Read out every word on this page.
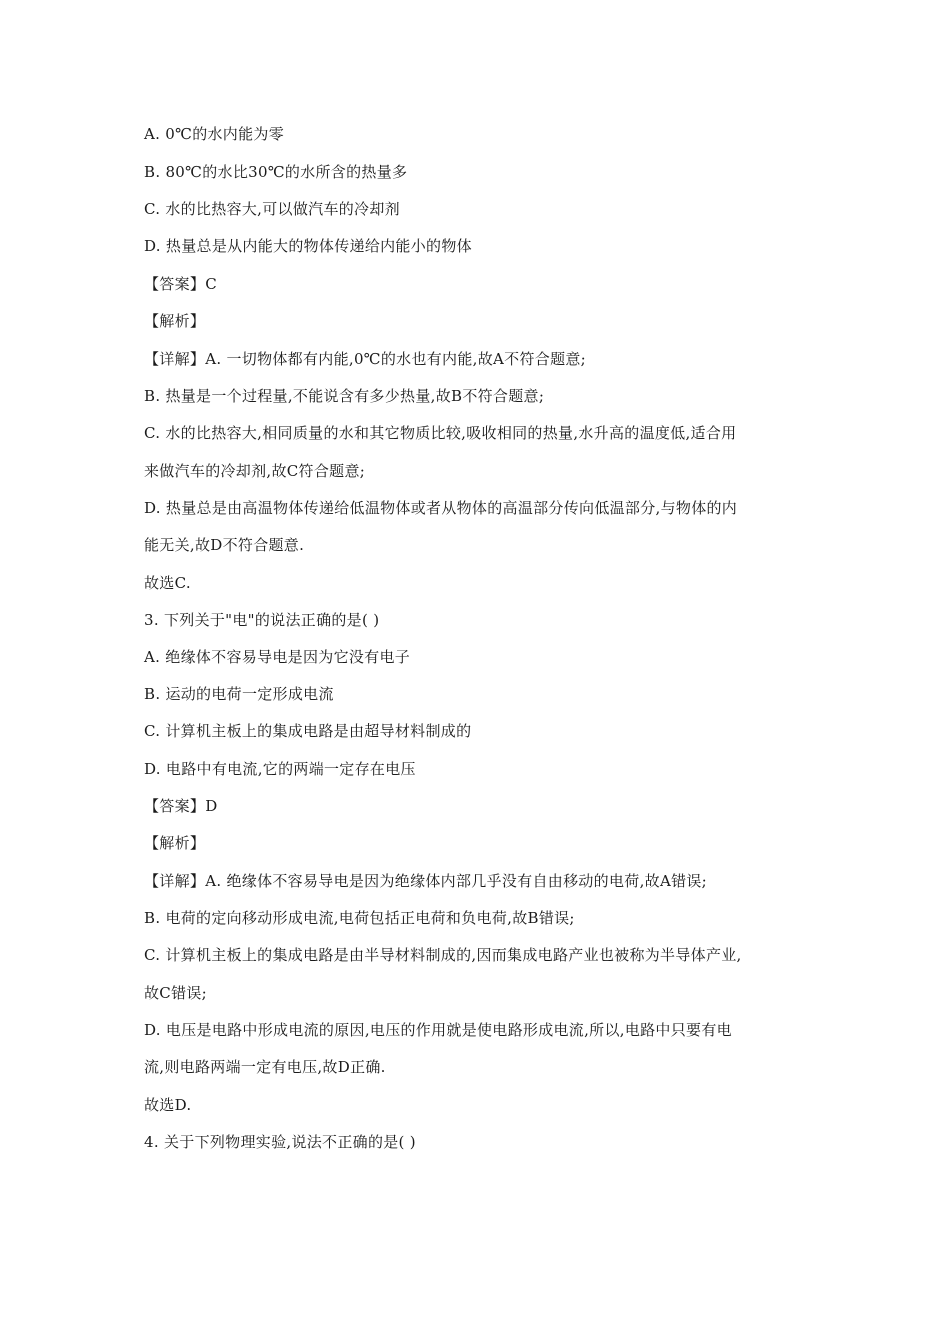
A. 0℃的水内能为零
B. 80℃的水比30℃的水所含的热量多
C. 水的比热容大,可以做汽车的冷却剂
D. 热量总是从内能大的物体传递给内能小的物体
【答案】C
【解析】
【详解】A. 一切物体都有内能,0℃的水也有内能,故A不符合题意;
B. 热量是一个过程量,不能说含有多少热量,故B不符合题意;
C. 水的比热容大,相同质量的水和其它物质比较,吸收相同的热量,水升高的温度低,适合用
来做汽车的冷却剂,故C符合题意;
D. 热量总是由高温物体传递给低温物体或者从物体的高温部分传向低温部分,与物体的内
能无关,故D不符合题意.
故选C.
3. 下列关于"电"的说法正确的是( )
A. 绝缘体不容易导电是因为它没有电子
B. 运动的电荷一定形成电流
C. 计算机主板上的集成电路是由超导材料制成的
D. 电路中有电流,它的两端一定存在电压
【答案】D
【解析】
【详解】A. 绝缘体不容易导电是因为绝缘体内部几乎没有自由移动的电荷,故A错误;
B. 电荷的定向移动形成电流,电荷包括正电荷和负电荷,故B错误;
C. 计算机主板上的集成电路是由半导材料制成的,因而集成电路产业也被称为半导体产业,
故C错误;
D. 电压是电路中形成电流的原因,电压的作用就是使电路形成电流,所以,电路中只要有电
流,则电路两端一定有电压,故D正确.
故选D.
4. 关于下列物理实验,说法不正确的是( )
